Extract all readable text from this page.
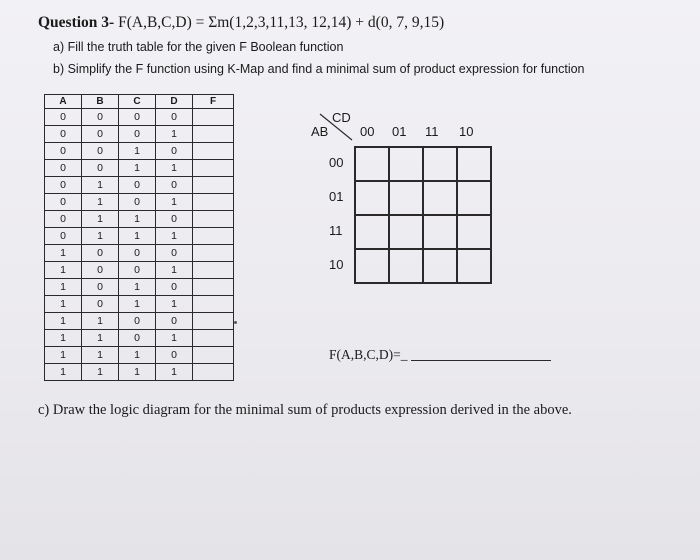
Question 3- F(A,B,C,D) = Σm(1,2,3,11,13, 12,14) + d(0, 7, 9,15)
a) Fill the truth table for the given F Boolean function
b) Simplify the F function using K-Map and find a minimal sum of product expression for function
A	B	C	D	F
0	0	0	0	
0	0	0	1	
0	0	1	0	
0	0	1	1	
0	1	0	0	
0	1	0	1	
0	1	1	0	
0	1	1	1	
1	0	0	0	
1	0	0	1	
1	0	1	0	
1	0	1	1	
1	1	0	0	
1	1	0	1	
1	1	1	0	
1	1	1	1	
CD
AB 00 01 11 10
00
01
11
10
F(A,B,C,D)=_
c) Draw the logic diagram for the minimal sum of products expression derived in the above.
